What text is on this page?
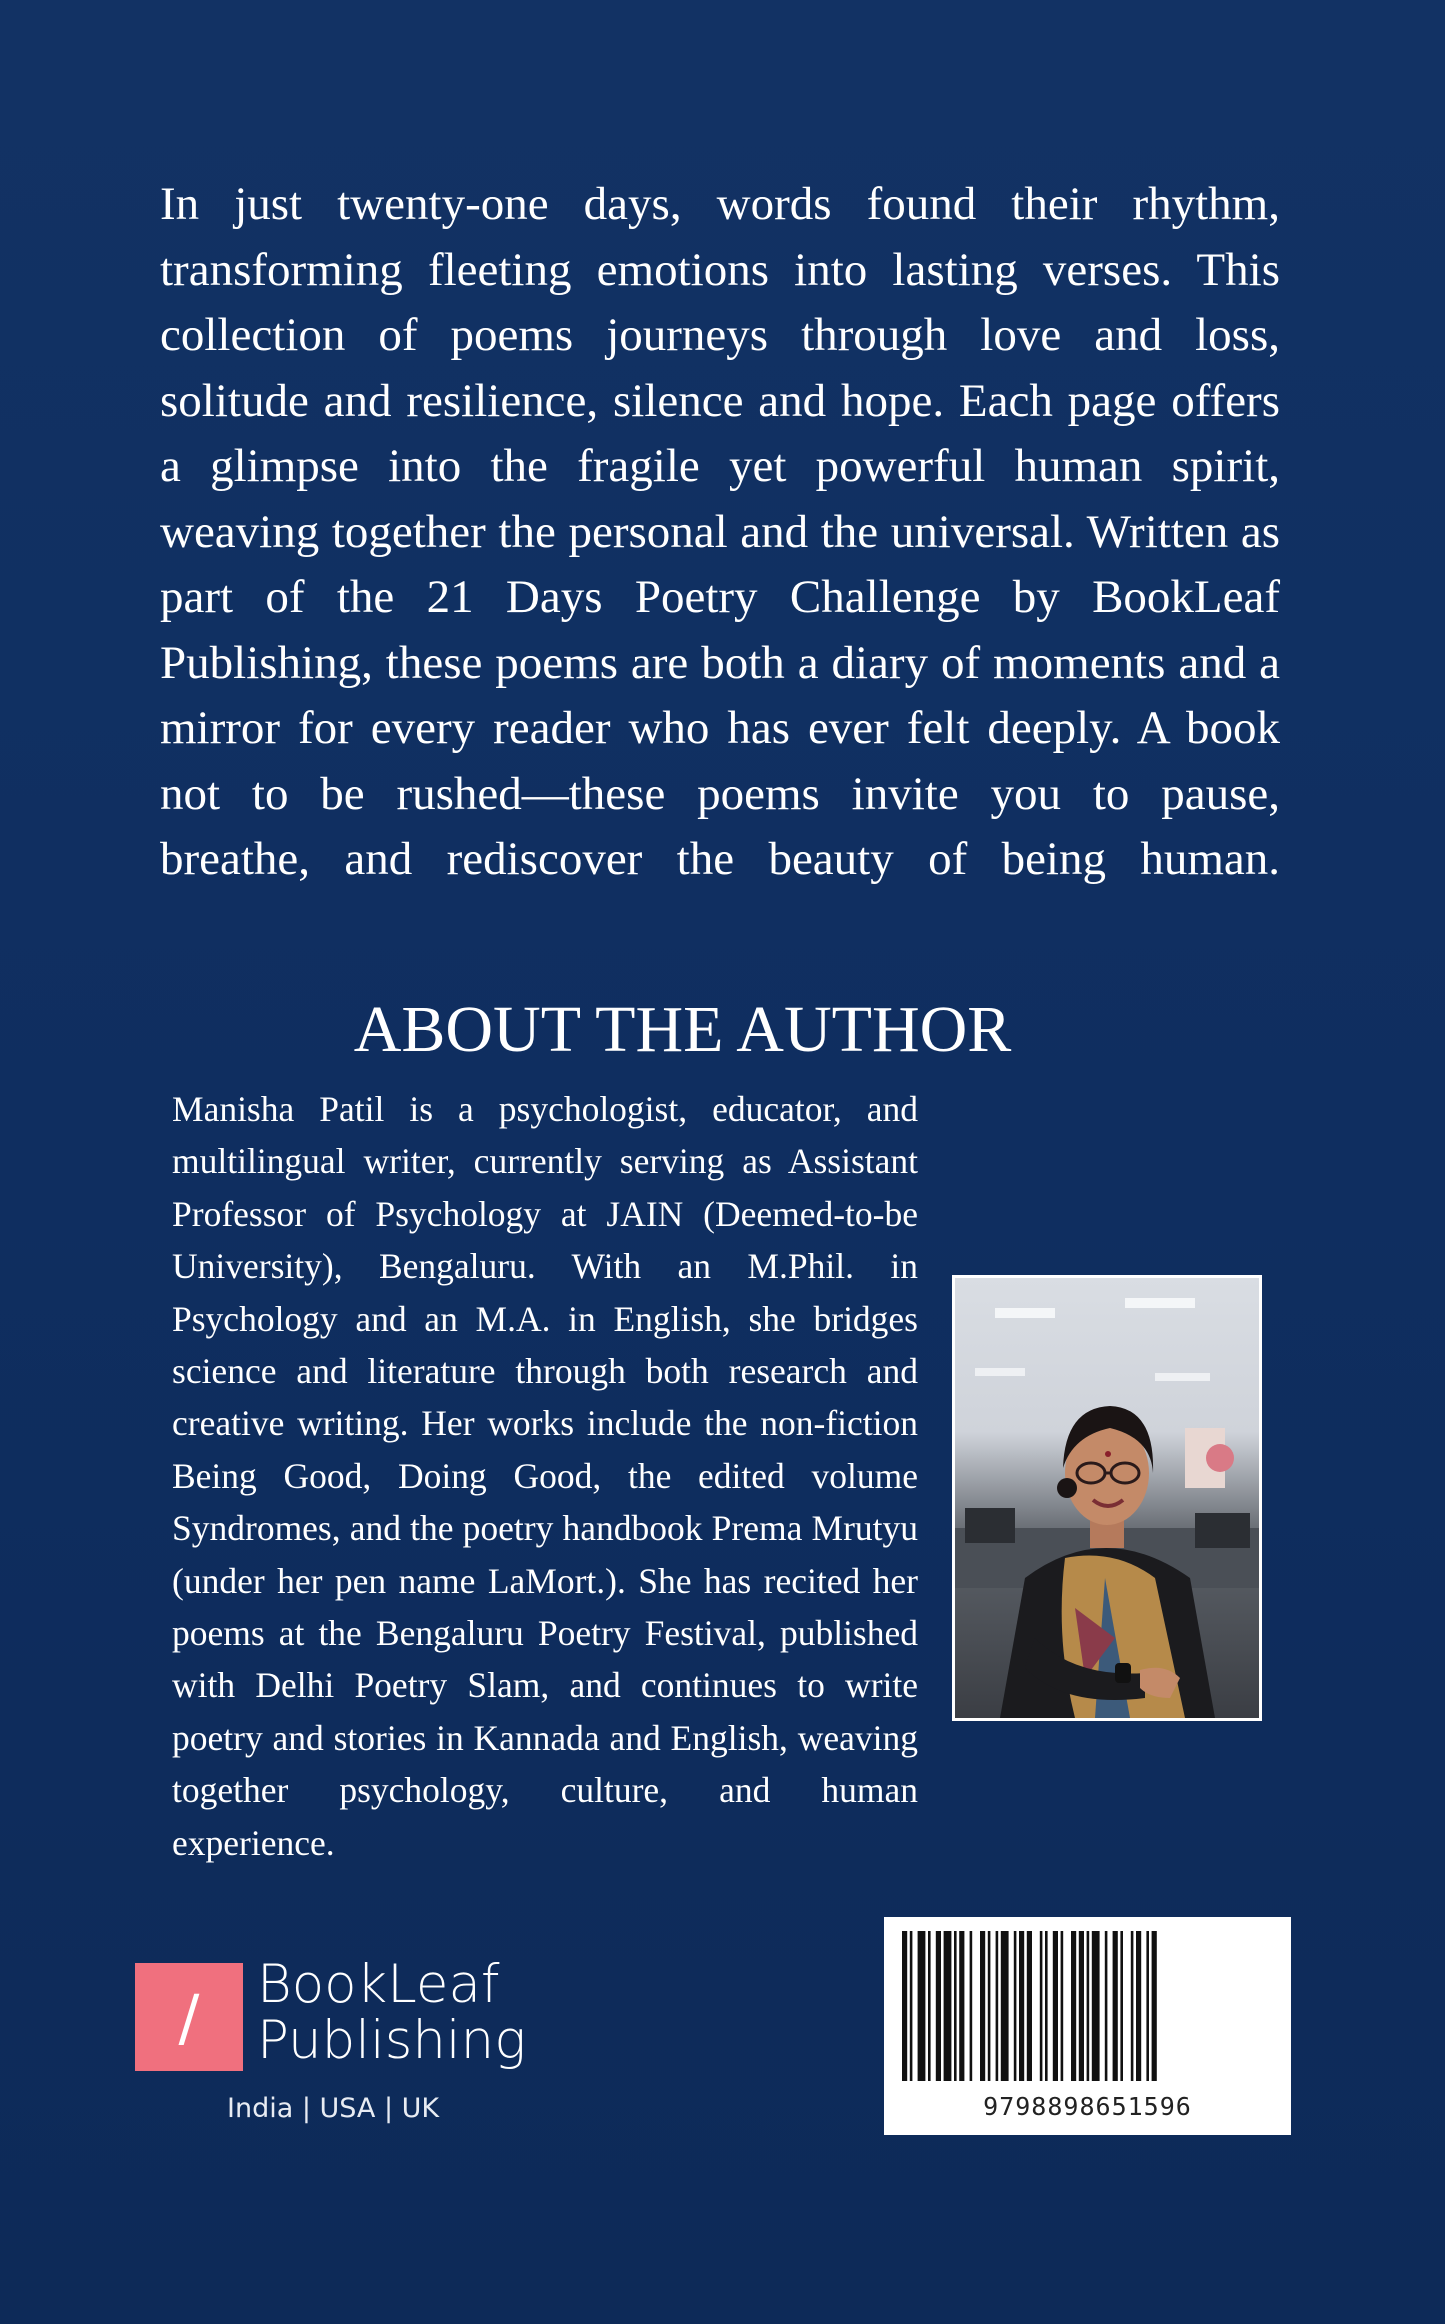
In just twenty-one days, words found their rhythm, transforming fleeting emotions into lasting verses. This collection of poems journeys through love and loss, solitude and resilience, silence and hope. Each page offers a glimpse into the fragile yet powerful human spirit, weaving together the personal and the universal. Written as part of the 21 Days Poetry Challenge by BookLeaf Publishing, these poems are both a diary of moments and a mirror for every reader who has ever felt deeply. A book not to be rushed—these poems invite you to pause, breathe, and rediscover the beauty of being human.

ABOUT THE AUTHOR

Manisha Patil is a psychologist, educator, and multilingual writer, currently serving as Assistant Professor of Psychology at JAIN (Deemed-to-be University), Bengaluru. With an M.Phil. in Psychology and an M.A. in English, she bridges science and literature through both research and creative writing. Her works include the non-fiction Being Good, Doing Good, the edited volume Syndromes, and the poetry handbook Prema Mrutyu (under her pen name LaMort.). She has recited her poems at the Bengaluru Poetry Festival, published with Delhi Poetry Slam, and continues to write poetry and stories in Kannada and English, weaving together psychology, culture, and human experience.

/	BookLeaf
Publishing

India | USA | UK	9798898651596
